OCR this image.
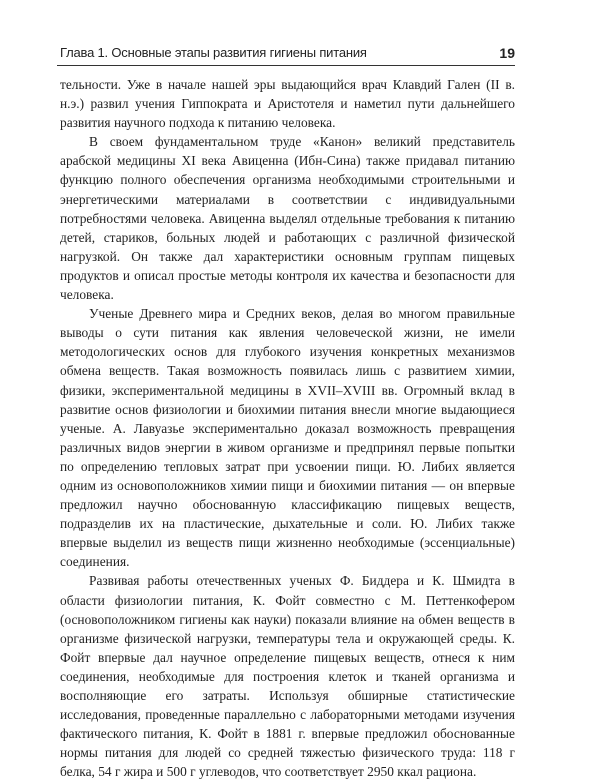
Глава 1. Основные этапы развития гигиены питания	19

тельности. Уже в начале нашей эры выдающийся врач Клавдий Гален (II в. н.э.) развил учения Гиппократа и Аристотеля и наметил пути дальнейшего развития научного подхода к питанию человека.

В своем фундаментальном труде «Канон» великий представитель арабской медицины XI века Авиценна (Ибн-Сина) также придавал питанию функцию полного обеспечения организма необходимыми строительными и энергетическими материалами в соответствии с индивидуальными потребностями человека. Авиценна выделял отдельные требования к питанию детей, стариков, больных людей и работающих с различной физической нагрузкой. Он также дал характеристики основным группам пищевых продуктов и описал простые методы контроля их качества и безопасности для человека.

Ученые Древнего мира и Средних веков, делая во многом правильные выводы о сути питания как явления человеческой жизни, не имели методологических основ для глубокого изучения конкретных механизмов обмена веществ. Такая возможность появилась лишь с развитием химии, физики, экспериментальной медицины в XVII–XVIII вв. Огромный вклад в развитие основ физиологии и биохимии питания внесли многие выдающиеся ученые. А. Лавуазье экспериментально доказал возможность превращения различных видов энергии в живом организме и предпринял первые попытки по определению тепловых затрат при усвоении пищи. Ю. Либих является одним из основоположников химии пищи и биохимии питания — он впервые предложил научно обоснованную классификацию пищевых веществ, подразделив их на пластические, дыхательные и соли. Ю. Либих также впервые выделил из веществ пищи жизненно необходимые (эссенциальные) соединения.

Развивая работы отечественных ученых Ф. Биддера и К. Шмидта в области физиологии питания, К. Фойт совместно с М. Петтенкофером (основоположником гигиены как науки) показали влияние на обмен веществ в организме физической нагрузки, температуры тела и окружающей среды. К. Фойт впервые дал научное определение пищевых веществ, отнеся к ним соединения, необходимые для построения клеток и тканей организма и восполняющие его затраты. Используя обширные статистические исследования, проведенные параллельно с лабораторными методами изучения фактического питания, К. Фойт в 1881 г. впервые предложил обоснованные нормы питания для людей со средней тяжестью физического труда: 118 г белка, 54 г жира и 500 г углеводов, что соответствует 2950 ккал рациона.
